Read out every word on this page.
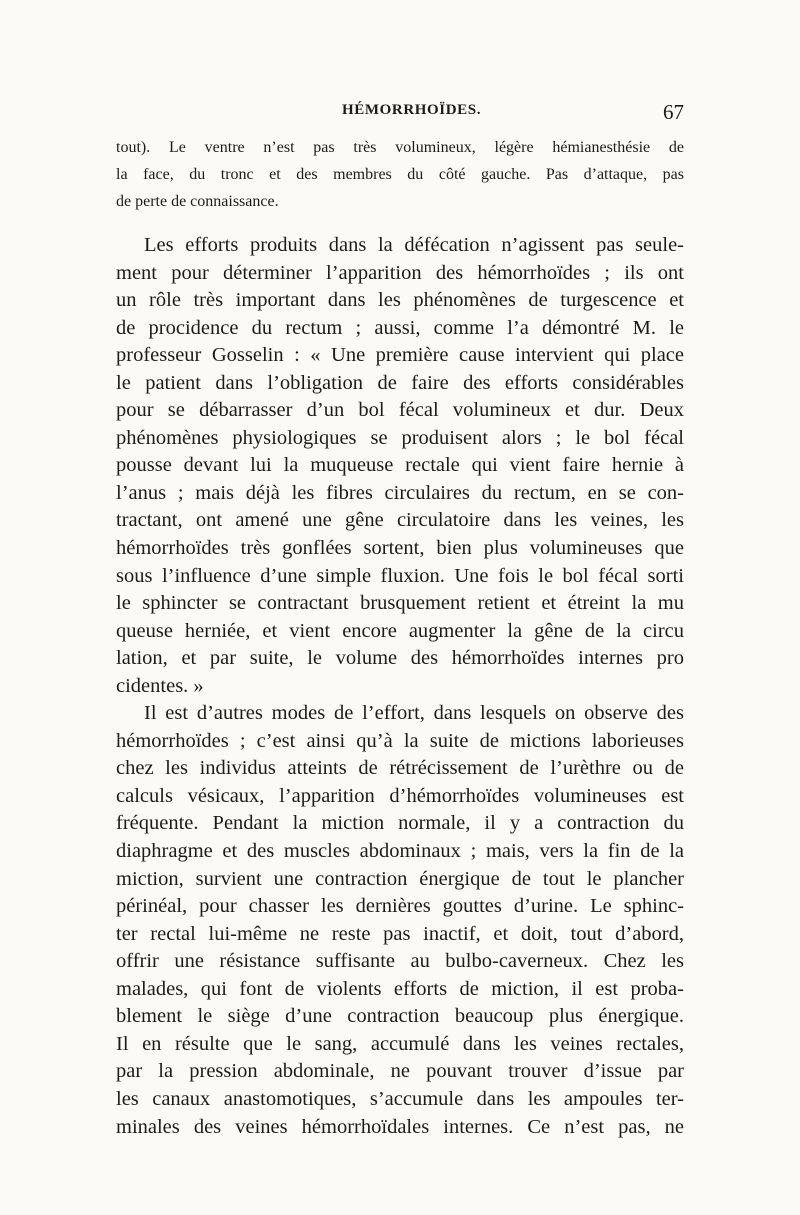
HÉMORRHOÏDES.	67
tout). Le ventre n’est pas très volumineux, légère hémianesthésie de
la face, du tronc et des membres du côté gauche. Pas d’attaque, pas
de perte de connaissance.
Les efforts produits dans la défécation n’agissent pas seule-
ment pour déterminer l’apparition des hémorrhoïdes ; ils ont
un rôle très important dans les phénomènes de turgescence et
de procidence du rectum ; aussi, comme l’a démontré M. le
professeur Gosselin : « Une première cause intervient qui place
le patient dans l’obligation de faire des efforts considérables
pour se débarrasser d’un bol fécal volumineux et dur. Deux
phénomènes physiologiques se produisent alors ; le bol fécal
pousse devant lui la muqueuse rectale qui vient faire hernie à
l’anus ; mais déjà les fibres circulaires du rectum, en se con-
tractant, ont amené une gêne circulatoire dans les veines, les
hémorrhoïdes très gonflées sortent, bien plus volumineuses que
sous l’influence d’une simple fluxion. Une fois le bol fécal sorti
le sphincter se contractant brusquement retient et étreint la mu
queuse herniée, et vient encore augmenter la gêne de la circu
lation, et par suite, le volume des hémorrhoïdes internes pro
cidentes. »
Il est d’autres modes de l’effort, dans lesquels on observe des
hémorrhoïdes ; c’est ainsi qu’à la suite de mictions laborieuses
chez les individus atteints de rétrécissement de l’urèthre ou de
calculs vésicaux, l’apparition d’hémorrhoïdes volumineuses est
fréquente. Pendant la miction normale, il y a contraction du
diaphragme et des muscles abdominaux ; mais, vers la fin de la
miction, survient une contraction énergique de tout le plancher
périnéal, pour chasser les dernières gouttes d’urine. Le sphinc-
ter rectal lui-même ne reste pas inactif, et doit, tout d’abord,
offrir une résistance suffisante au bulbo-caverneux. Chez les
malades, qui font de violents efforts de miction, il est proba-
blement le siège d’une contraction beaucoup plus énergique.
Il en résulte que le sang, accumulé dans les veines rectales,
par la pression abdominale, ne pouvant trouver d’issue par
les canaux anastomotiques, s’accumule dans les ampoules ter-
minales des veines hémorrhoïdales internes. Ce n’est pas, ne
